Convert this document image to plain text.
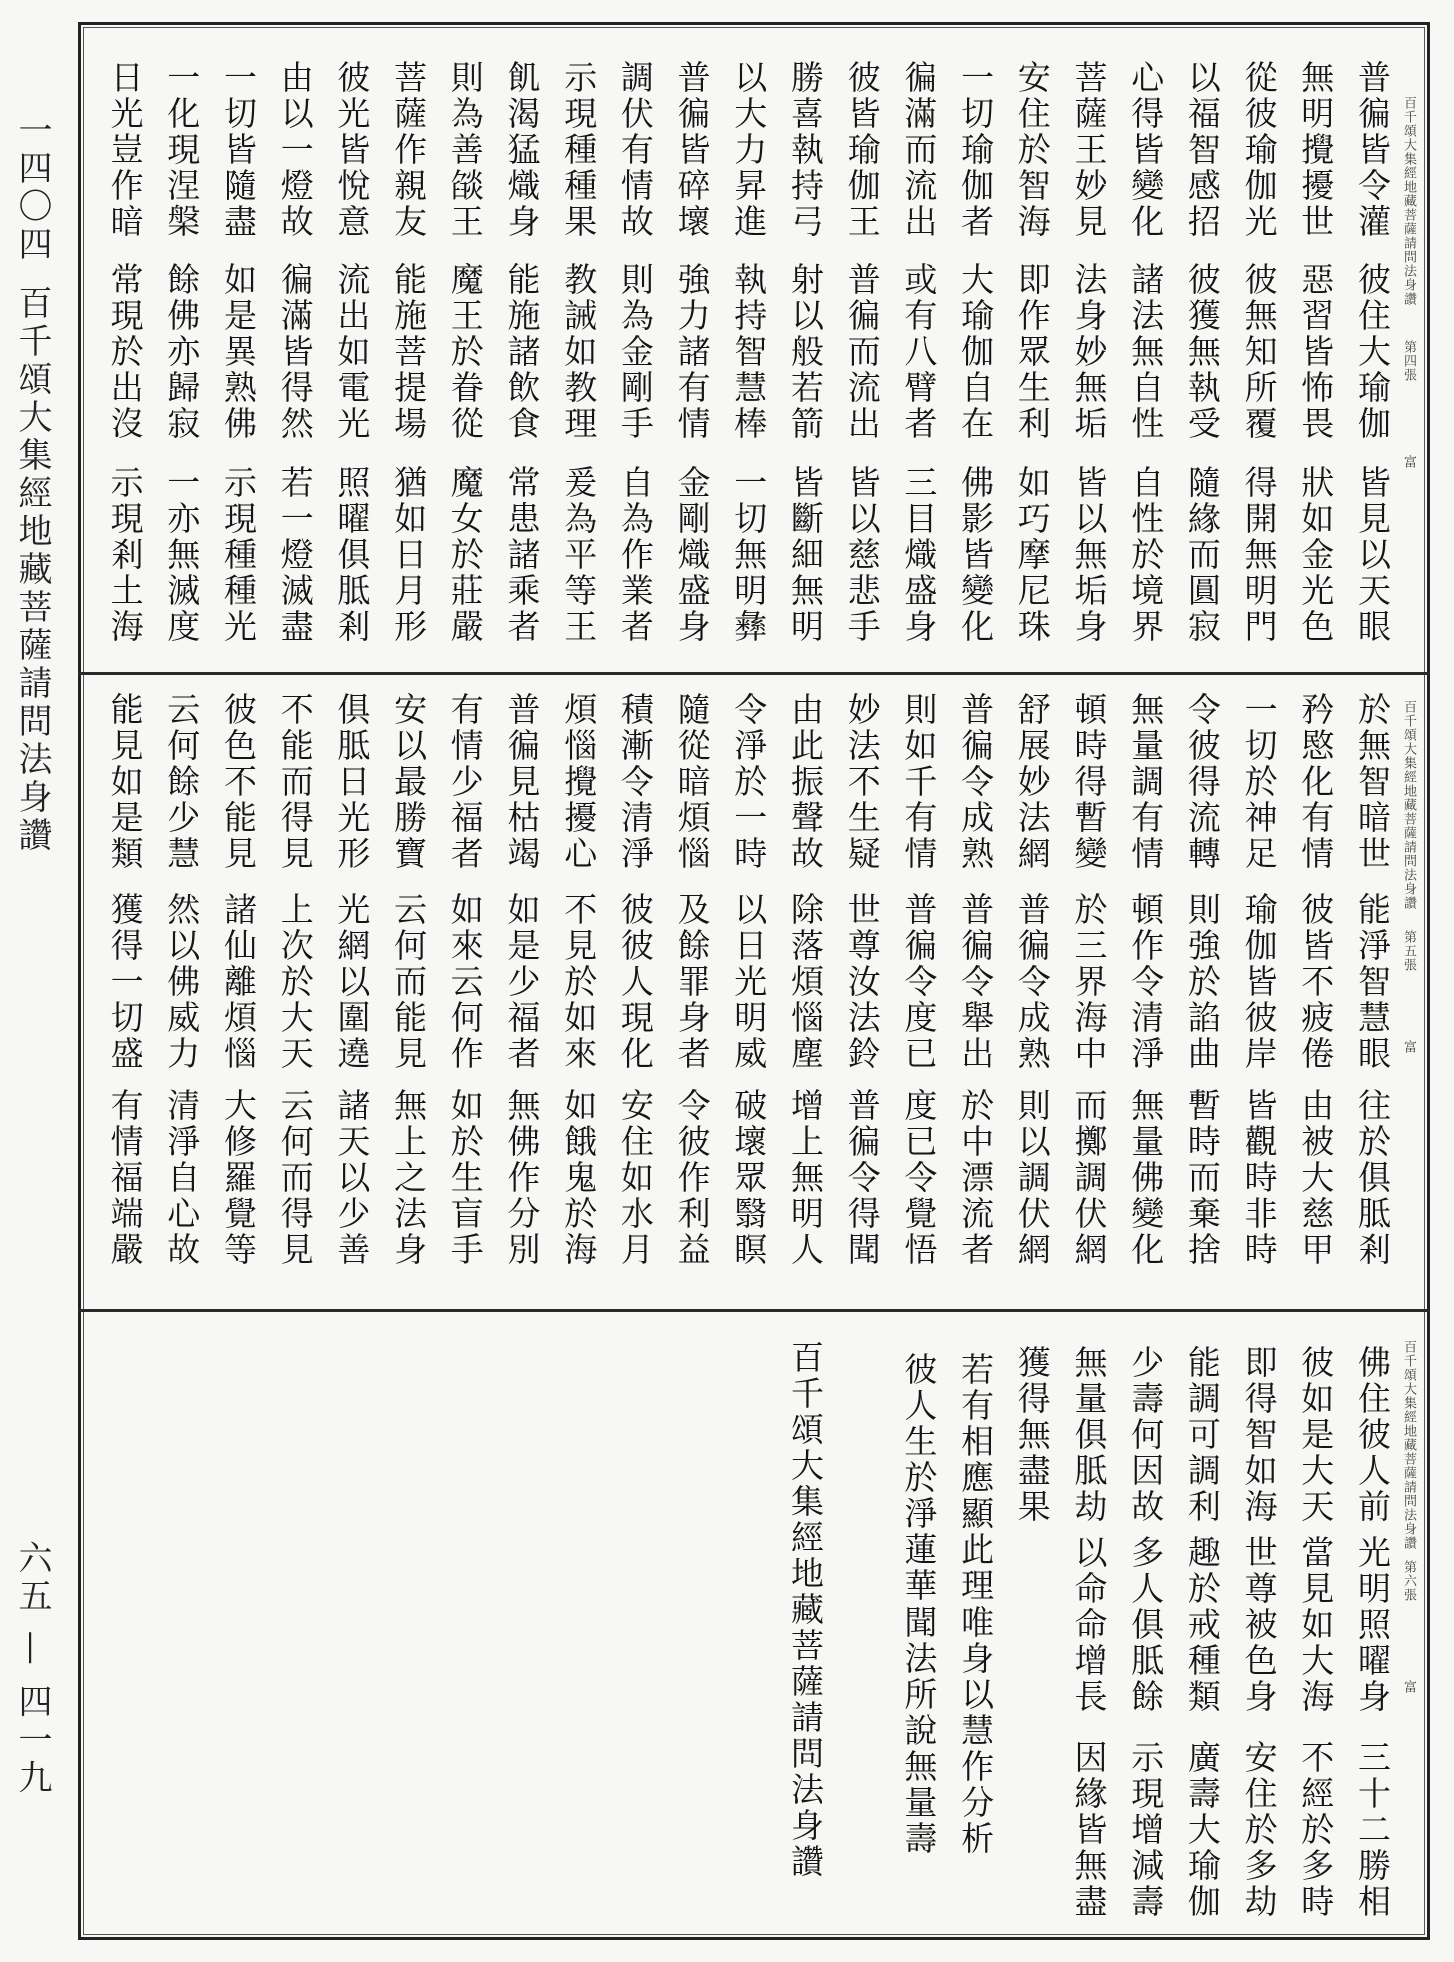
一四〇四
百千頌大集經地藏菩薩請問法身讚
六五 — 四一九
百千頌大集經地藏菩薩請問法身讚
第四張
富
普徧皆令灌
彼住大瑜伽
皆見以天眼
無明攪擾世
惡習皆怖畏
狀如金光色
從彼瑜伽光
彼無知所覆
得開無明門
以福智感招
彼獲無執受
隨緣而圓寂
心得皆變化
諸法無自性
自性於境界
菩薩王妙見
法身妙無垢
皆以無垢身
安住於智海
即作眾生利
如巧摩尼珠
一切瑜伽者
大瑜伽自在
佛影皆變化
徧滿而流出
或有八臂者
三目熾盛身
彼皆瑜伽王
普徧而流出
皆以慈悲手
勝喜執持弓
射以般若箭
皆斷細無明
以大力昇進
執持智慧棒
一切無明彝
普徧皆碎壞
強力諸有情
金剛熾盛身
調伏有情故
則為金剛手
自為作業者
示現種種果
教誡如教理
爰為平等王
飢渴猛熾身
能施諸飲食
常患諸乘者
則為善燄王
魔王於眷從
魔女於莊嚴
菩薩作親友
能施菩提場
猶如日月形
彼光皆悅意
流出如電光
照曜俱胝剎
由以一燈故
徧滿皆得然
若一燈滅盡
一切皆隨盡
如是異熟佛
示現種種光
一化現涅槃
餘佛亦歸寂
一亦無滅度
日光豈作暗
常現於出沒
示現剎土海
百千頌大集經地藏菩薩請問法身讚
第五張
富
於無智暗世
能淨智慧眼
往於俱胝剎
矜愍化有情
彼皆不疲倦
由被大慈甲
一切於神足
瑜伽皆彼岸
皆觀時非時
令彼得流轉
則強於諂曲
暫時而棄捨
無量調有情
頓作令清淨
無量佛變化
頓時得暫變
於三界海中
而擲調伏網
舒展妙法網
普徧令成熟
則以調伏網
普徧令成熟
普徧令舉出
於中漂流者
則如千有情
普徧令度已
度已令覺悟
妙法不生疑
世尊汝法鈴
普徧令得聞
由此振聲故
除落煩惱塵
增上無明人
令淨於一時
以日光明威
破壞眾翳瞑
隨從暗煩惱
及餘罪身者
令彼作利益
積漸令清淨
彼彼人現化
安住如水月
煩惱攪擾心
不見於如來
如餓鬼於海
普徧見枯竭
如是少福者
無佛作分別
有情少福者
如來云何作
如於生盲手
安以最勝寶
云何而能見
無上之法身
俱胝日光形
光網以圍遶
諸天以少善
不能而得見
上次於大天
云何而得見
彼色不能見
諸仙離煩惱
大修羅覺等
云何餘少慧
然以佛威力
清淨自心故
能見如是類
獲得一切盛
有情福端嚴
百千頌大集經地藏菩薩請問法身讚
第六張
富
佛住彼人前
光明照曜身
三十二勝相
彼如是大天
當見如大海
不經於多時
即得智如海
世尊被色身
安住於多劫
能調可調利
趣於戒種類
廣壽大瑜伽
少壽何因故
多人俱胝餘
示現增減壽
無量俱胝劫
以命命增長
因緣皆無盡
獲得無盡果
若有相應顯此理
唯身以慧作分析
彼人生於淨蓮華
聞法所說無量壽
百千頌大集經地藏菩薩請問法身讚
